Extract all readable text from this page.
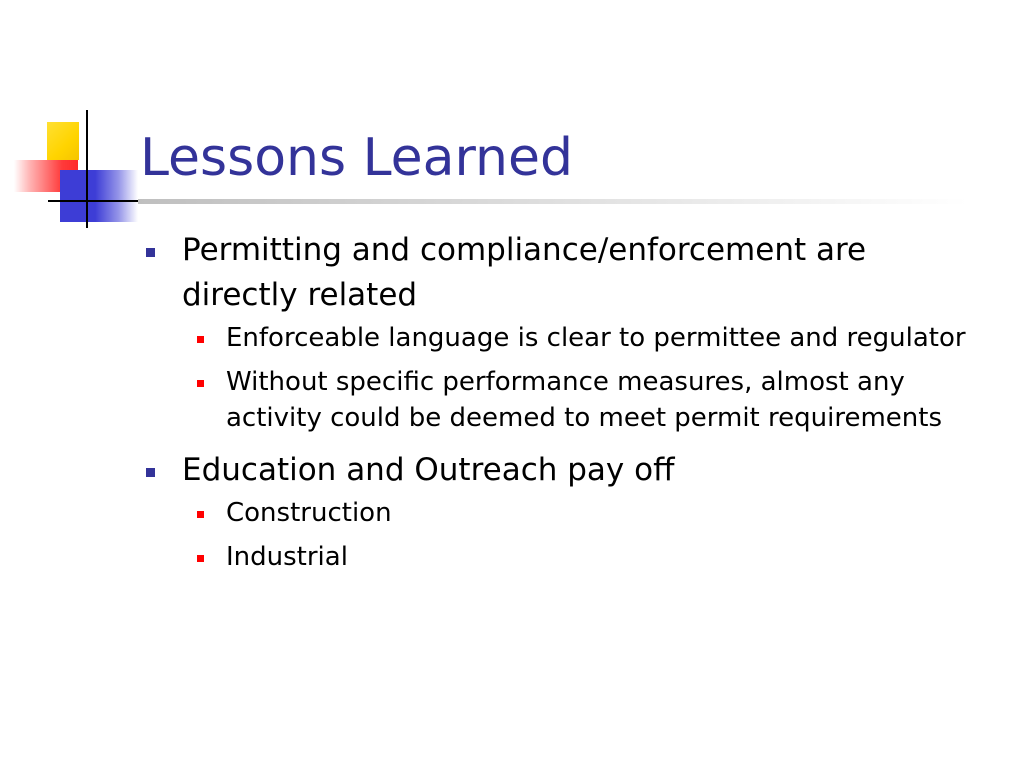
Lessons Learned
Permitting and compliance/enforcement are directly related
Enforceable language is clear to permittee and regulator
Without specific performance measures, almost any activity could be deemed to meet permit requirements
Education and Outreach pay off
Construction
Industrial
